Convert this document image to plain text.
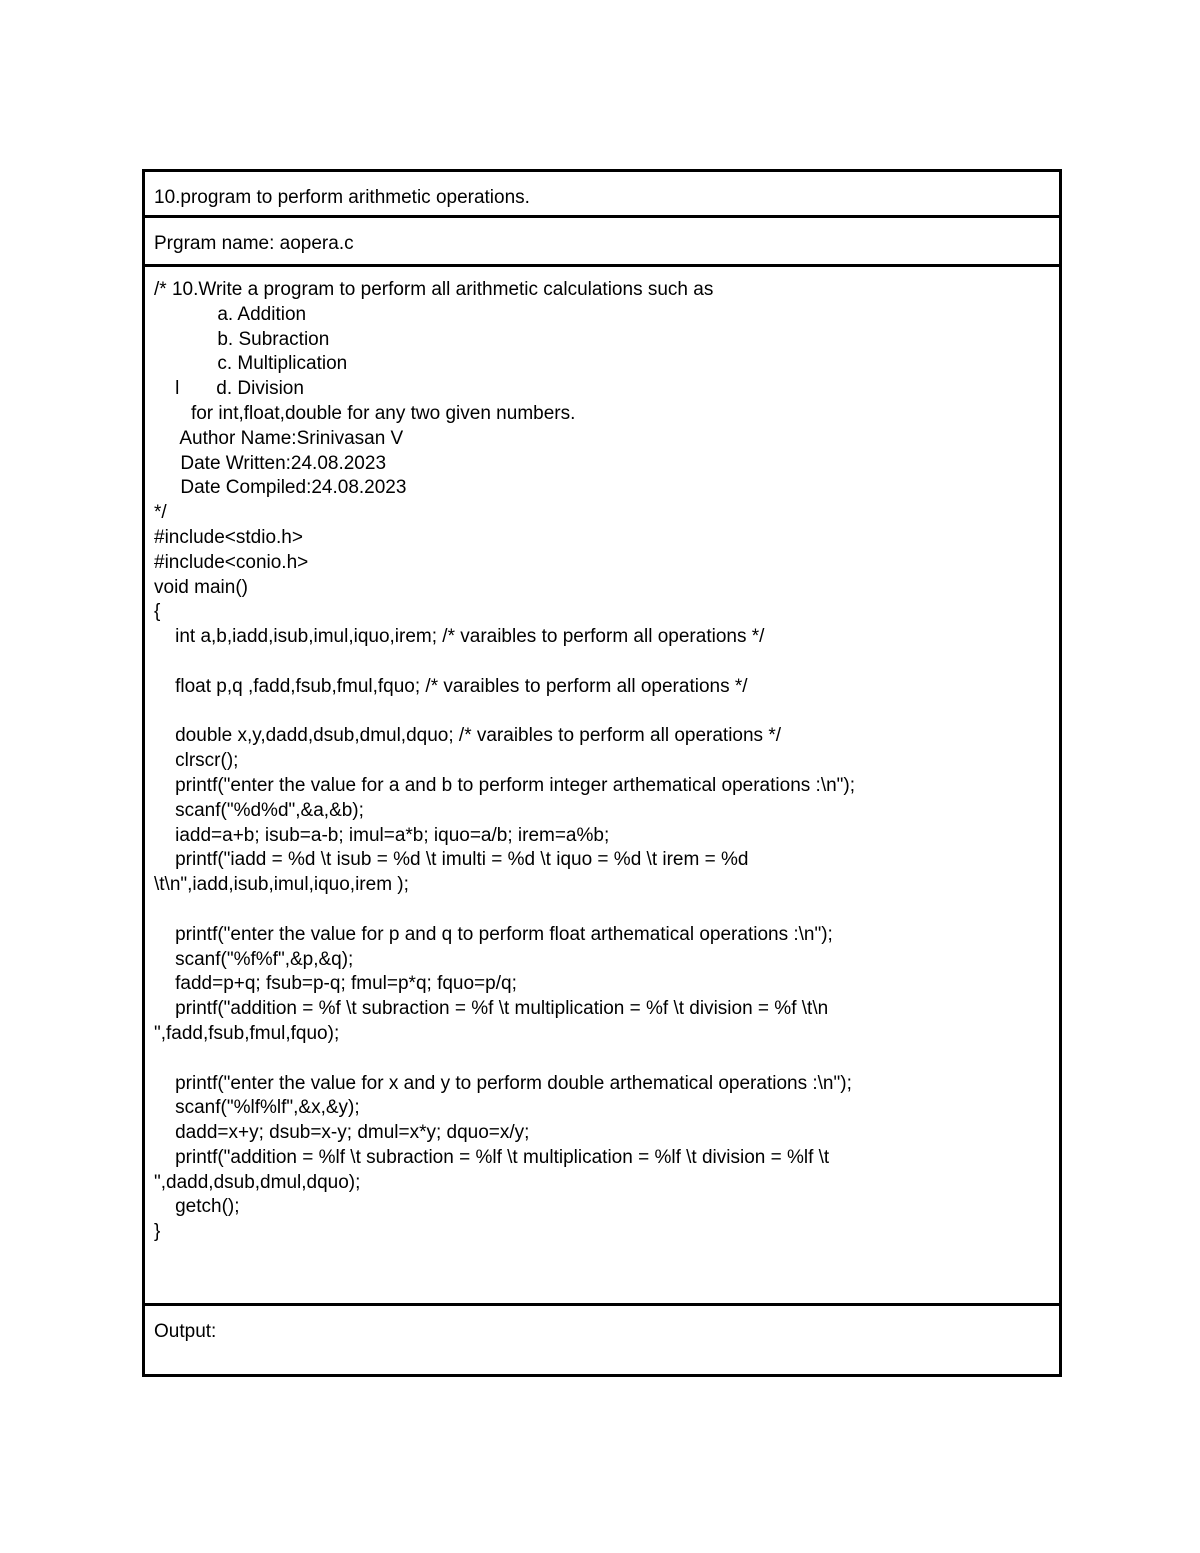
10.program to perform arithmetic operations.
Prgram name: aopera.c
/* 10.Write a program to perform all arithmetic calculations such as
a. Addition
b. Subraction
c. Multiplication
l       d. Division
for int,float,double for any two given numbers.
Author Name:Srinivasan V
Date Written:24.08.2023
Date Compiled:24.08.2023
*/
#include<stdio.h>
#include<conio.h>
void main()
{
int a,b,iadd,isub,imul,iquo,irem; /* varaibles to perform all operations */
float p,q ,fadd,fsub,fmul,fquo; /* varaibles to perform all operations */
double x,y,dadd,dsub,dmul,dquo; /* varaibles to perform all operations */
clrscr();
printf("enter the value for a and b to perform integer arthematical operations :\n");
scanf("%d%d",&a,&b);
iadd=a+b; isub=a-b; imul=a*b; iquo=a/b; irem=a%b;
printf("iadd = %d \t isub = %d \t imulti = %d \t iquo = %d \t irem = %d
\t\n",iadd,isub,imul,iquo,irem );
printf("enter the value for p and q to perform float arthematical operations :\n");
scanf("%f%f",&p,&q);
fadd=p+q; fsub=p-q; fmul=p*q; fquo=p/q;
printf("addition = %f \t subraction = %f \t multiplication = %f \t division = %f \t\n
",fadd,fsub,fmul,fquo);
printf("enter the value for x and y to perform double arthematical operations :\n");
scanf("%lf%lf",&x,&y);
dadd=x+y; dsub=x-y; dmul=x*y; dquo=x/y;
printf("addition = %lf \t subraction = %lf \t multiplication = %lf \t division = %lf \t
",dadd,dsub,dmul,dquo);
getch();
}
Output:
